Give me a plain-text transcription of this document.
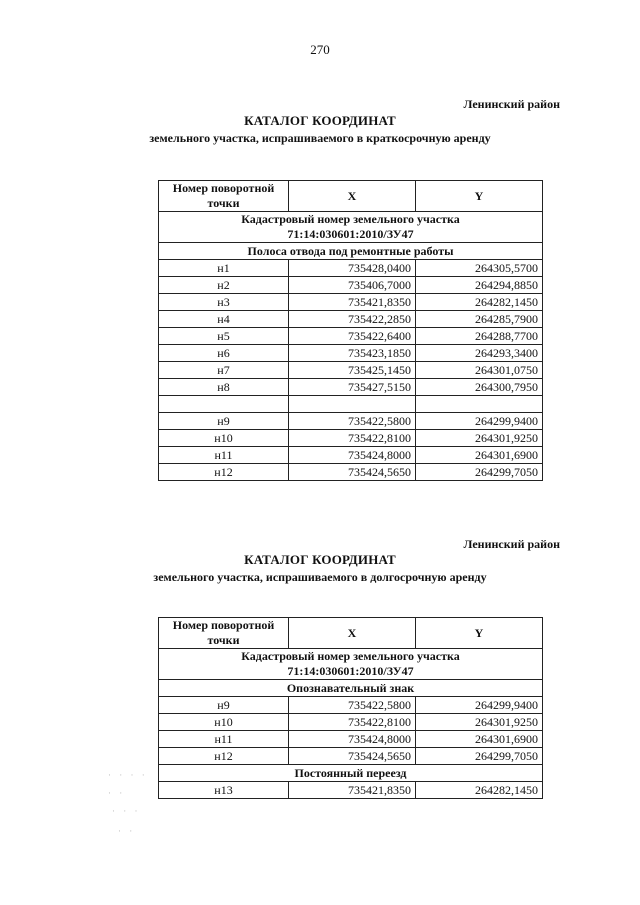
270
Ленинский район
КАТАЛОГ КООРДИНАТ
земельного участка, испрашиваемого в краткосрочную аренду
Номер поворотной точки	X	Y

Кадастровый номер земельного участка
71:14:030601:2010/ЗУ47		

Полоса отвода под ремонтные работы		
н1	735428,0400	264305,5700
н2	735406,7000	264294,8850
н3	735421,8350	264282,1450
н4	735422,2850	264285,7900
н5	735422,6400	264288,7700
н6	735423,1850	264293,3400
н7	735425,1450	264301,0750
н8	735427,5150	264300,7950

н9	735422,5800	264299,9400
н10	735422,8100	264301,9250
н11	735424,8000	264301,6900
н12	735424,5650	264299,7050
Ленинский район
КАТАЛОГ КООРДИНАТ
земельного участка, испрашиваемого в долгосрочную аренду
Номер поворотной точки	X	Y

Кадастровый номер земельного участка
71:14:030601:2010/ЗУ47		

Опознавательный знак		
н9	735422,5800	264299,9400
н10	735422,8100	264301,9250
н11	735424,8000	264301,6900
н12	735424,5650	264299,7050
Постоянный переезд		
н13	735421,8350	264282,1450
· · · ·
· ·
· · ·
· ·
